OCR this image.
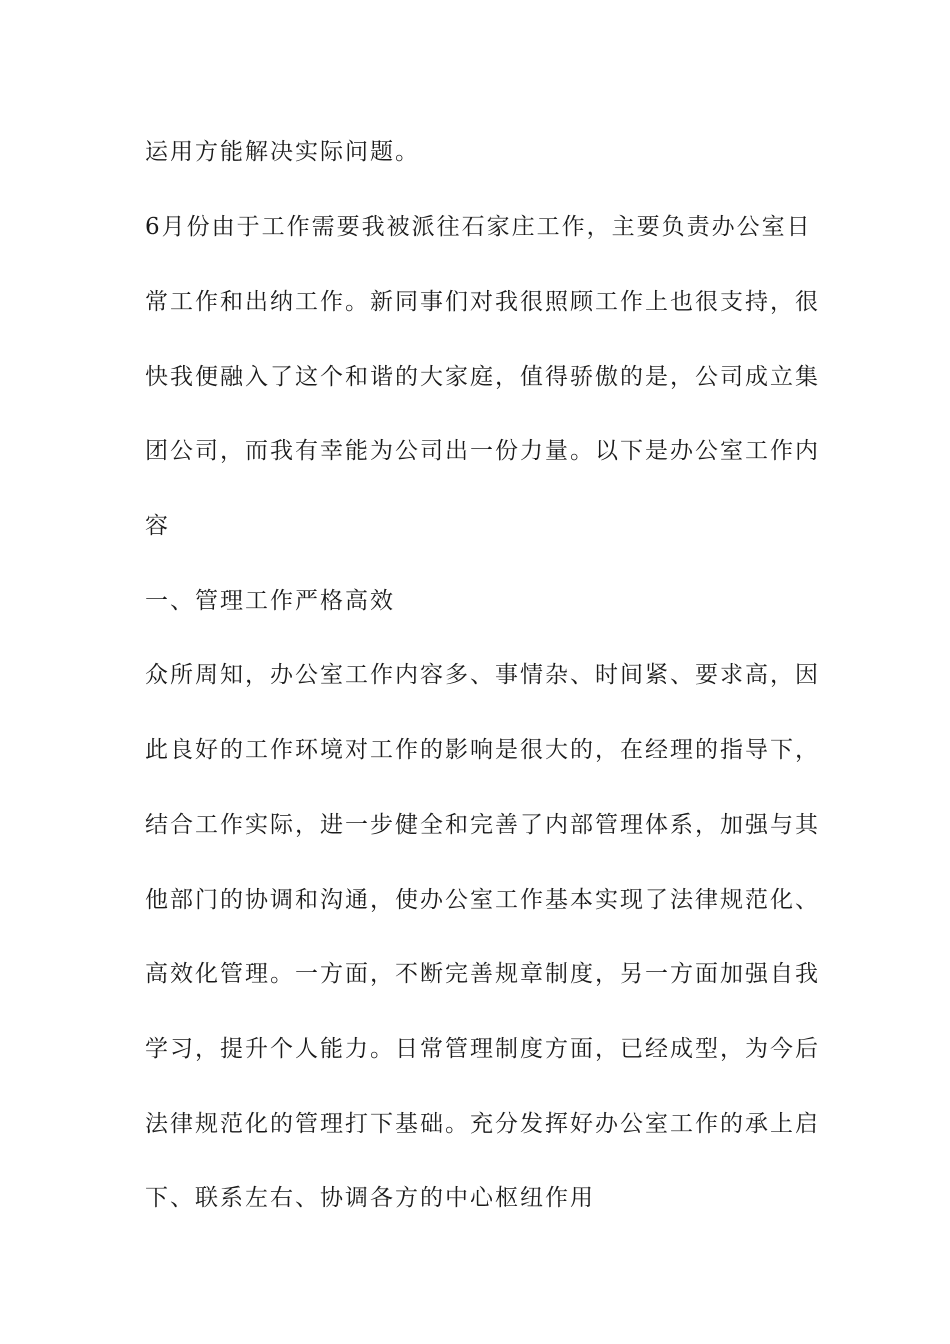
运用方能解决实际问题。
6月份由于工作需要我被派往石家庄工作，主要负责办公室日
常工作和出纳工作。新同事们对我很照顾工作上也很支持，很
快我便融入了这个和谐的大家庭，值得骄傲的是，公司成立集
团公司，而我有幸能为公司出一份力量。以下是办公室工作内
容
一、管理工作严格高效
众所周知，办公室工作内容多、事情杂、时间紧、要求高，因
此良好的工作环境对工作的影响是很大的，在经理的指导下，
结合工作实际，进一步健全和完善了内部管理体系，加强与其
他部门的协调和沟通，使办公室工作基本实现了法律规范化、
高效化管理。一方面，不断完善规章制度，另一方面加强自我
学习，提升个人能力。日常管理制度方面，已经成型，为今后
法律规范化的管理打下基础。充分发挥好办公室工作的承上启
下、联系左右、协调各方的中心枢纽作用
